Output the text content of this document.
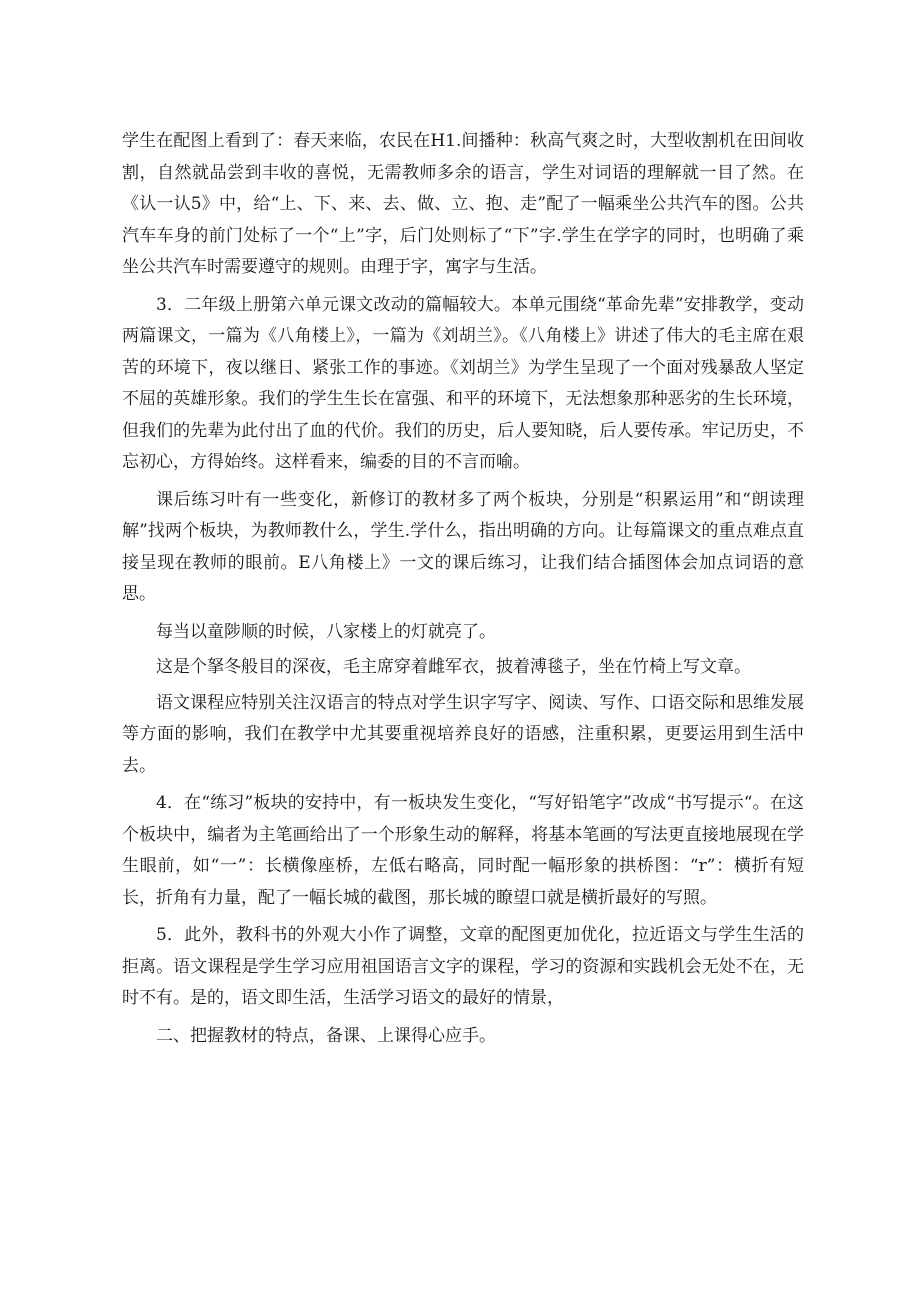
学生在配图上看到了：春天来临，农民在H1.间播种：秋高气爽之时，大型收割机在田间收割，自然就品尝到丰收的喜悦，无需教师多余的语言，学生对词语的理解就一目了然。在《认一认5》中，给“上、下、来、去、做、立、抱、走”配了一幅乘坐公共汽车的图。公共汽车车身的前门处标了一个“上”字，后门处则标了“下”字.学生在学字的同时，也明确了乘坐公共汽车时需要遵守的规则。由理于字，寓字与生活。

3．二年级上册第六单元课文改动的篇幅较大。本单元围绕“革命先辈”安排教学，变动两篇课文，一篇为《八角楼上》，一篇为《刘胡兰》。《八角楼上》讲述了伟大的毛主席在艰苦的环境下，夜以继日、紧张工作的事迹。《刘胡兰》为学生呈现了一个面对残暴敌人坚定不屈的英雄形象。我们的学生生长在富强、和平的环境下，无法想象那种恶劣的生长环境，但我们的先辈为此付出了血的代价。我们的历史，后人要知晓，后人要传承。牢记历史，不忘初心，方得始终。这样看来，编委的目的不言而喻。

课后练习叶有一些变化，新修订的教材多了两个板块，分别是“积累运用”和“朗读理解”找两个板块，为教师教什么，学生.学什么，指出明确的方向。让每篇课文的重点难点直接呈现在教师的眼前。E八角楼上》一文的课后练习，让我们结合插图体会加点词语的意思。

每当以童陟顺的时候，八家楼上的灯就亮了。

这是个拏冬般目的深夜，毛主席穿着雌军衣，披着溥毯子，坐在竹椅上写文章。

语文课程应特别关注汉语言的特点对学生识字写字、阅读、写作、口语交际和思维发展等方面的影响，我们在教学中尤其要重视培养良好的语感，注重积累，更要运用到生活中去。

4．在“练习”板块的安持中，有一板块发生变化，“写好铅笔字”改成“书写提示“。在这个板块中，编者为主笔画给出了一个形象生动的解释，将基本笔画的写法更直接地展现在学生眼前，如“一”：长横像座桥，左低右略高，同时配一幅形象的拱桥图：“r”：横折有短长，折角有力量，配了一幅长城的截图，那长城的瞭望口就是横折最好的写照。

5．此外，教科书的外观大小作了调整，文章的配图更加优化，拉近语文与学生生活的拒离。语文课程是学生学习应用祖国语言文字的课程，学习的资源和实践机会无处不在，无时不有。是的，语文即生活，生活学习语文的最好的情景，

二、把握教材的特点，备课、上课得心应手。
